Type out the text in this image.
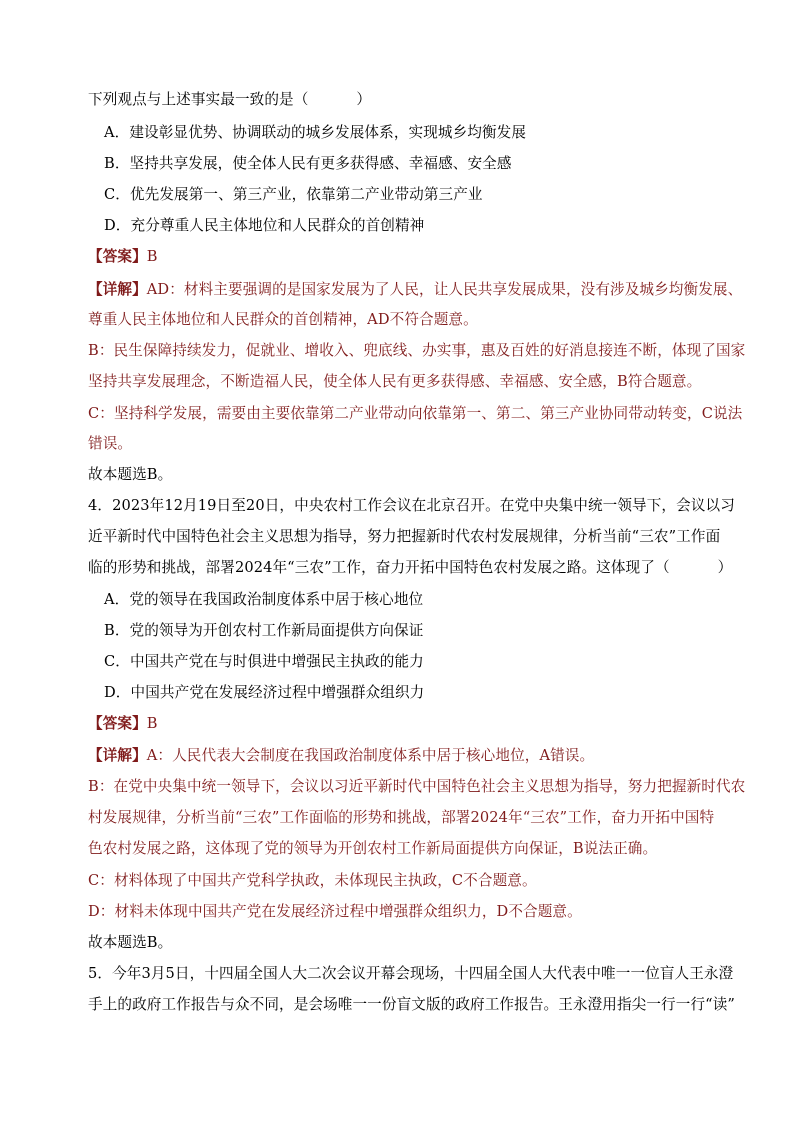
下列观点与上述事实最一致的是（	）
A．建设彰显优势、协调联动的城乡发展体系，实现城乡均衡发展
B．坚持共享发展，使全体人民有更多获得感、幸福感、安全感
C．优先发展第一、第三产业，依靠第二产业带动第三产业
D．充分尊重人民主体地位和人民群众的首创精神
【答案】B
【详解】AD：材料主要强调的是国家发展为了人民，让人民共享发展成果，没有涉及城乡均衡发展、
尊重人民主体地位和人民群众的首创精神，AD不符合题意。
B：民生保障持续发力，促就业、增收入、兜底线、办实事，惠及百姓的好消息接连不断，体现了国家
坚持共享发展理念，不断造福人民，使全体人民有更多获得感、幸福感、安全感，B符合题意。
C：坚持科学发展，需要由主要依靠第二产业带动向依靠第一、第二、第三产业协同带动转变，C说法
错误。
故本题选B。
4．2023年12月19日至20日，中央农村工作会议在北京召开。在党中央集中统一领导下，会议以习
近平新时代中国特色社会主义思想为指导，努力把握新时代农村发展规律，分析当前“三农”工作面
临的形势和挑战，部署2024年“三农”工作，奋力开拓中国特色农村发展之路。这体现了（	）
A．党的领导在我国政治制度体系中居于核心地位
B．党的领导为开创农村工作新局面提供方向保证
C．中国共产党在与时俱进中增强民主执政的能力
D．中国共产党在发展经济过程中增强群众组织力
【答案】B
【详解】A：人民代表大会制度在我国政治制度体系中居于核心地位，A错误。
B：在党中央集中统一领导下，会议以习近平新时代中国特色社会主义思想为指导，努力把握新时代农
村发展规律，分析当前“三农”工作面临的形势和挑战，部署2024年“三农”工作，奋力开拓中国特
色农村发展之路，这体现了党的领导为开创农村工作新局面提供方向保证，B说法正确。
C：材料体现了中国共产党科学执政，未体现民主执政，C不合题意。
D：材料未体现中国共产党在发展经济过程中增强群众组织力，D不合题意。
故本题选B。
5．今年3月5日，十四届全国人大二次会议开幕会现场，十四届全国人大代表中唯一一位盲人王永澄
手上的政府工作报告与众不同，是会场唯一一份盲文版的政府工作报告。王永澄用指尖一行一行“读”
